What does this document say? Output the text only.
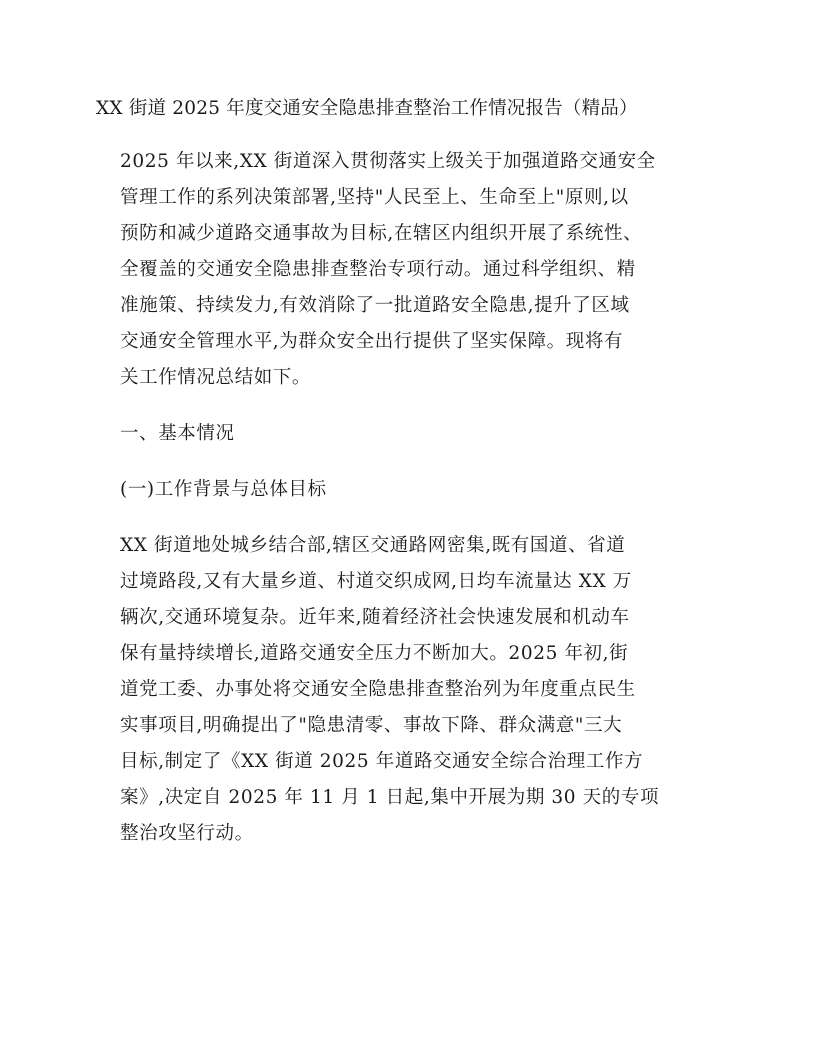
XX 街道 2025 年度交通安全隐患排查整治工作情况报告（精品）
2025 年以来,XX 街道深入贯彻落实上级关于加强道路交通安全
管理工作的系列决策部署,坚持"人民至上、生命至上"原则,以
预防和减少道路交通事故为目标,在辖区内组织开展了系统性、
全覆盖的交通安全隐患排查整治专项行动。通过科学组织、精
准施策、持续发力,有效消除了一批道路安全隐患,提升了区域
交通安全管理水平,为群众安全出行提供了坚实保障。现将有
关工作情况总结如下。
一、基本情况
(一)工作背景与总体目标
XX 街道地处城乡结合部,辖区交通路网密集,既有国道、省道
过境路段,又有大量乡道、村道交织成网,日均车流量达 XX 万
辆次,交通环境复杂。近年来,随着经济社会快速发展和机动车
保有量持续增长,道路交通安全压力不断加大。2025 年初,街
道党工委、办事处将交通安全隐患排查整治列为年度重点民生
实事项目,明确提出了"隐患清零、事故下降、群众满意"三大
目标,制定了《XX 街道 2025 年道路交通安全综合治理工作方
案》,决定自 2025 年 11 月 1 日起,集中开展为期 30 天的专项
整治攻坚行动。
